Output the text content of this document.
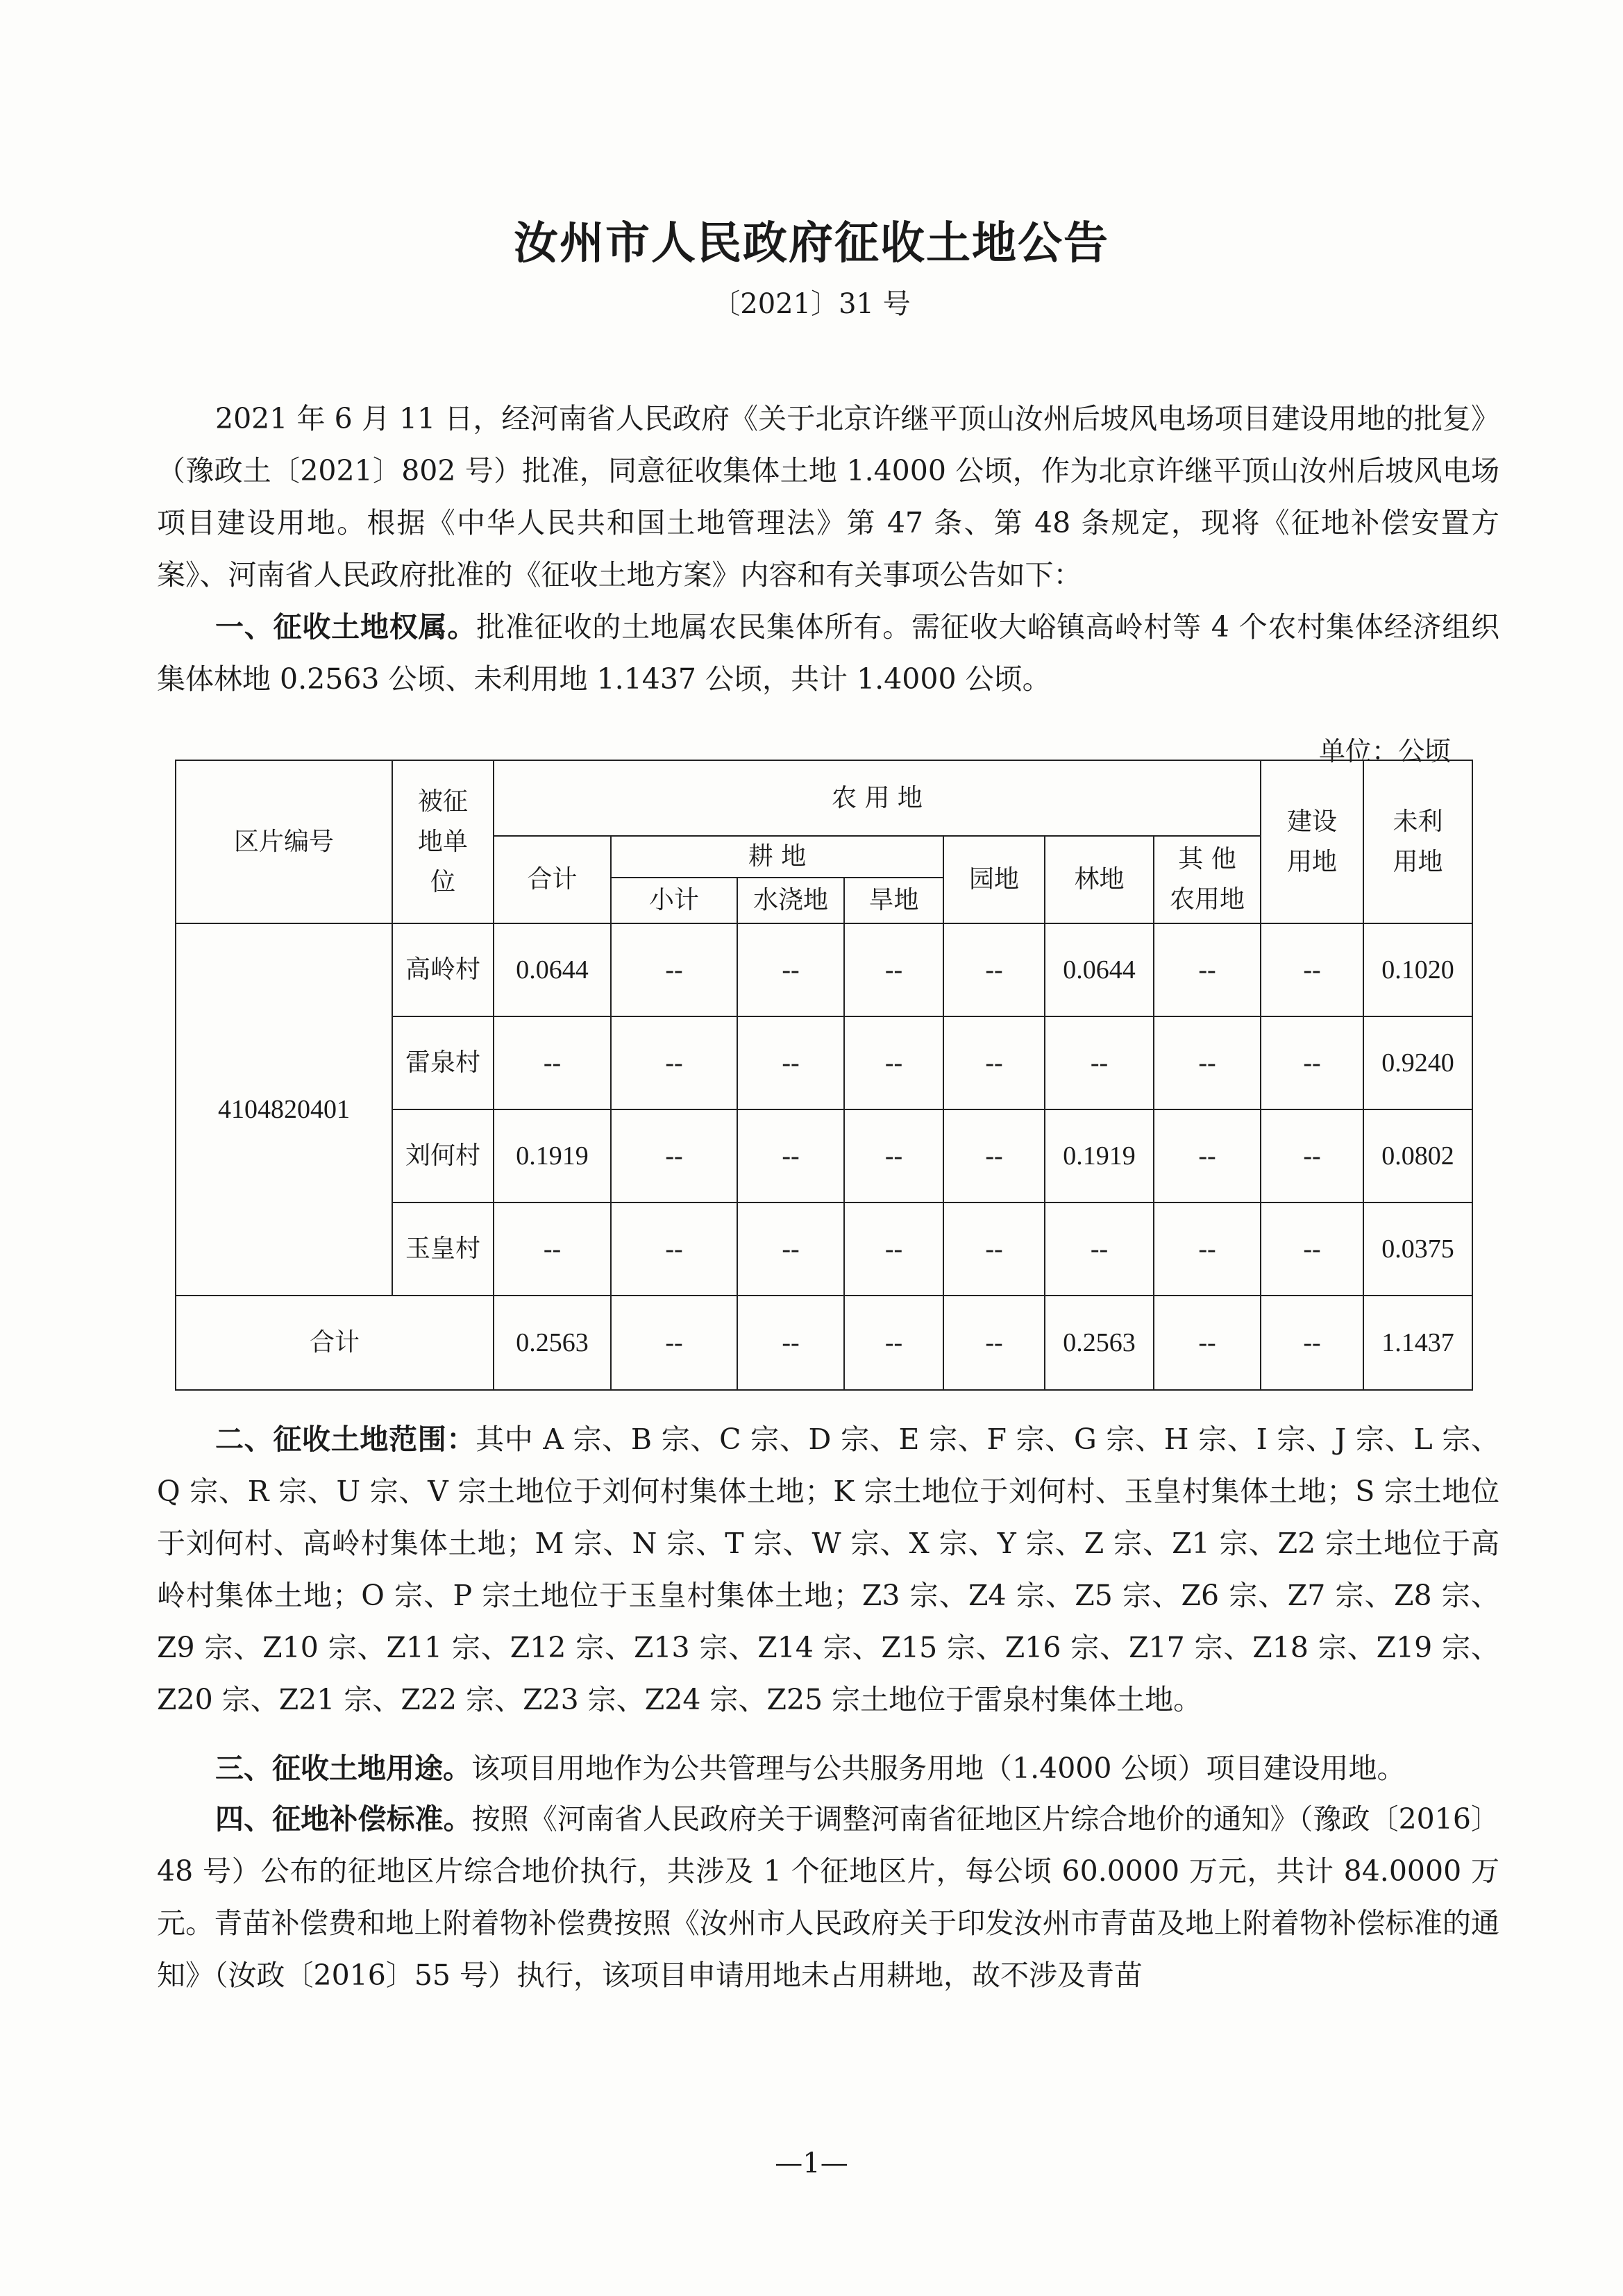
汝州市人民政府征收土地公告
〔2021〕31 号

2021 年 6 月 11 日，经河南省人民政府《关于北京许继平顶山汝州后坡风电场项目建设用地的批复》（豫政土〔2021〕802 号）批准，同意征收集体土地 1.4000 公顷，作为北京许继平顶山汝州后坡风电场项目建设用地。根据《中华人民共和国土地管理法》第 47 条、第 48 条规定，现将《征地补偿安置方案》、河南省人民政府批准的《征收土地方案》内容和有关事项公告如下：

一、征收土地权属。批准征收的土地属农民集体所有。需征收大峪镇高岭村等 4 个农村集体经济组织集体林地 0.2563 公顷、未利用地 1.1437 公顷，共计 1.4000 公顷。

单位：公顷
区片编号	被征地单位	农 用 地							建设用地	未利用地
		合计	耕 地			园地	林地	其 他 农用地		
			小计	水浇地	旱地					
4104820401	高岭村	0.0644	--	--	--	--	0.0644	--	--	0.1020
	雷泉村	--	--	--	--	--	--	--	--	0.9240
	刘何村	0.1919	--	--	--	--	0.1919	--	--	0.0802
	玉皇村	--	--	--	--	--	--	--	--	0.0375
合计		0.2563	--	--	--	--	0.2563	--	--	1.1437

二、征收土地范围：其中 A 宗、B 宗、C 宗、D 宗、E 宗、F 宗、G 宗、H 宗、I 宗、J 宗、L 宗、Q 宗、R 宗、U 宗、V 宗土地位于刘何村集体土地；K 宗土地位于刘何村、玉皇村集体土地；S 宗土地位于刘何村、高岭村集体土地；M 宗、N 宗、T 宗、W 宗、X 宗、Y 宗、Z 宗、Z1 宗、Z2 宗土地位于高岭村集体土地；O 宗、P 宗土地位于玉皇村集体土地；Z3 宗、Z4 宗、Z5 宗、Z6 宗、Z7 宗、Z8 宗、Z9 宗、Z10 宗、Z11 宗、Z12 宗、Z13 宗、Z14 宗、Z15 宗、Z16 宗、Z17 宗、Z18 宗、Z19 宗、Z20 宗、Z21 宗、Z22 宗、Z23 宗、Z24 宗、Z25 宗土地位于雷泉村集体土地。

三、征收土地用途。该项目用地作为公共管理与公共服务用地（1.4000 公顷）项目建设用地。

四、征地补偿标准。按照《河南省人民政府关于调整河南省征地区片综合地价的通知》（豫政〔2016〕48 号）公布的征地区片综合地价执行，共涉及 1 个征地区片，每公顷 60.0000 万元，共计 84.0000 万元。青苗补偿费和地上附着物补偿费按照《汝州市人民政府关于印发汝州市青苗及地上附着物补偿标准的通知》（汝政〔2016〕55 号）执行，该项目申请用地未占用耕地，故不涉及青苗

—1—
